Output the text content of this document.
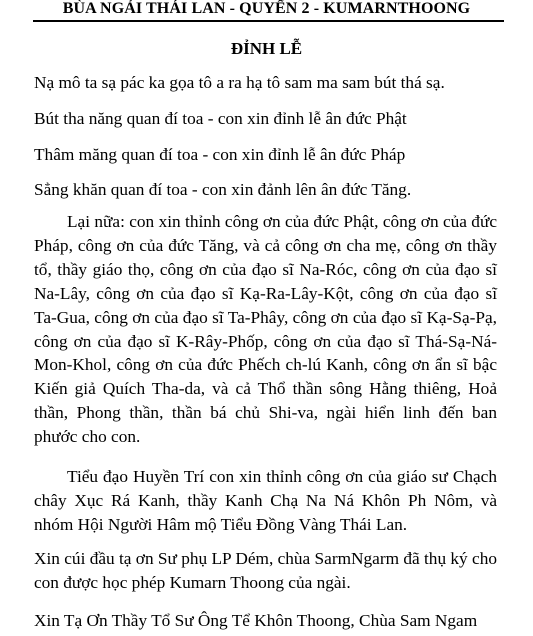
BÙA NGẢI THÁI LAN - QUYỂN 2 - KUMARNTHOONG
ĐỈNH LỄ
Nạ mô ta sạ pác ka gọa tô a ra hạ tô sam ma sam bút thá sạ.
Bút tha năng quan đí toa - con xin đỉnh lễ ân đức Phật
Thâm măng quan đí toa - con xin đỉnh lễ ân đức Pháp
Sẳng khăn quan đí toa - con xin đảnh lên ân đức Tăng.

Lại nữa: con xin thỉnh công ơn của đức Phật, công ơn của đức Pháp, công ơn của đức Tăng, và cả công ơn cha mẹ, công ơn thầy tổ, thầy giáo thọ, công ơn của đạo sĩ Na-Róc, công ơn của đạo sĩ Na-Lây, công ơn của đạo sĩ Kạ-Ra-Lây-Kột, công ơn của đạo sĩ Ta-Gua, công ơn của đạo sĩ Ta-Phây, công ơn của đạo sĩ Kạ-Sạ-Pạ, công ơn của đạo sĩ K-Rây-Phốp, công ơn của đạo sĩ Thá-Sạ-Ná-Mon-Khol, công ơn của đức Phếch ch-lú Kanh, công ơn ẩn sĩ bậc Kiến giả Quích Tha-da, và cả Thổ thần sông Hằng thiêng, Hoả thần, Phong thần, thần bá chủ Shi-va, ngài hiển linh đến ban phước cho con.

Tiểu đạo Huyền Trí con xin thỉnh công ơn của giáo sư Chạch chây Xục Rá Kanh, thầy Kanh Chạ Na Ná Khôn Ph Nôm, và nhóm Hội Người Hâm mộ Tiểu Đồng Vàng Thái Lan.

Xin cúi đầu tạ ơn Sư phụ LP Dém, chùa SarmNgarm đã thụ ký cho con được học phép Kumarn Thoong của ngài.

Xin Tạ Ơn Thầy Tổ Sư Ông Tể Khôn Thoong, Chùa Sam Ngam
